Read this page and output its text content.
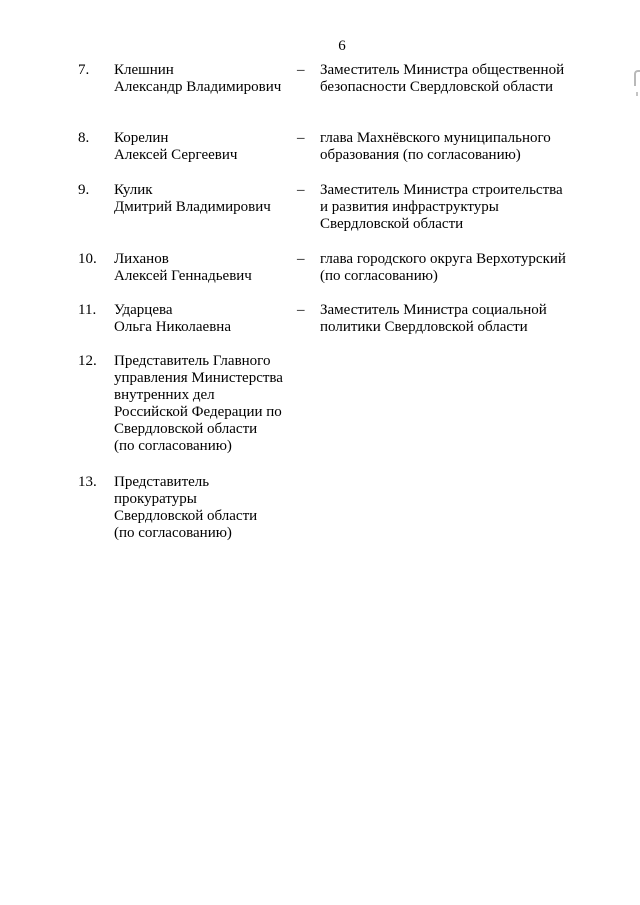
6
7. Клешнин
Александр Владимирович
– Заместитель Министра общественной
безопасности Свердловской области
8. Корелин
Алексей Сергеевич
– глава Махнёвского муниципального
образования (по согласованию)
9. Кулик
Дмитрий Владимирович
– Заместитель Министра строительства
и развития инфраструктуры
Свердловской области
10. Лиханов
Алексей Геннадьевич
– глава городского округа Верхотурский
(по согласованию)
11. Ударцева
Ольга Николаевна
– Заместитель Министра социальной
политики Свердловской области
12. Представитель Главного
управления Министерства
внутренних дел
Российской Федерации по
Свердловской области
(по согласованию)
13. Представитель
прокуратуры
Свердловской области
(по согласованию)
